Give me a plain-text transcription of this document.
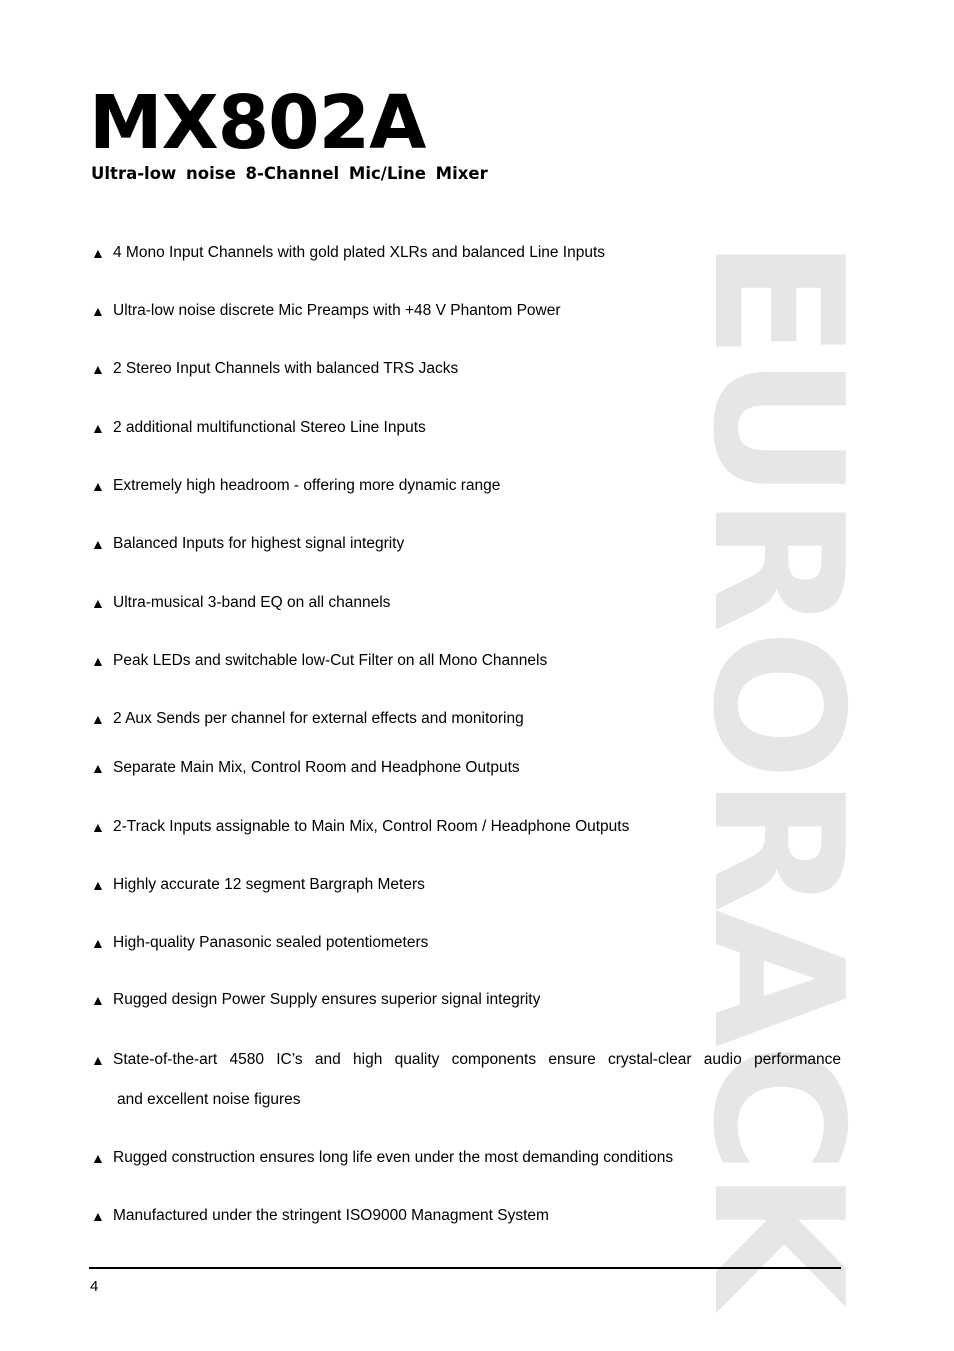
EURORACK
MX802A
Ultra-low noise 8-Channel Mic/Line Mixer
▲ 4 Mono Input Channels with gold plated XLRs and balanced Line Inputs
▲ Ultra-low noise discrete Mic Preamps with +48 V Phantom Power
▲ 2 Stereo Input Channels with balanced TRS Jacks
▲ 2 additional multifunctional Stereo Line Inputs
▲ Extremely high headroom - offering more dynamic range
▲ Balanced Inputs for highest signal integrity
▲ Ultra-musical 3-band EQ on all channels
▲ Peak LEDs and switchable low-Cut Filter on all Mono Channels
▲ 2 Aux Sends per channel for external effects and monitoring
▲ Separate Main Mix, Control Room and Headphone Outputs
▲ 2-Track Inputs assignable to Main Mix, Control Room / Headphone Outputs
▲ Highly accurate 12 segment Bargraph Meters
▲ High-quality Panasonic sealed potentiometers
▲ Rugged design Power Supply ensures superior signal integrity
▲ State-of-the-art 4580 IC’s and high quality components ensure crystal-clear audio performance
and excellent noise figures
▲ Rugged construction ensures long life even under the most demanding conditions
▲ Manufactured under the stringent ISO9000 Managment System
4
